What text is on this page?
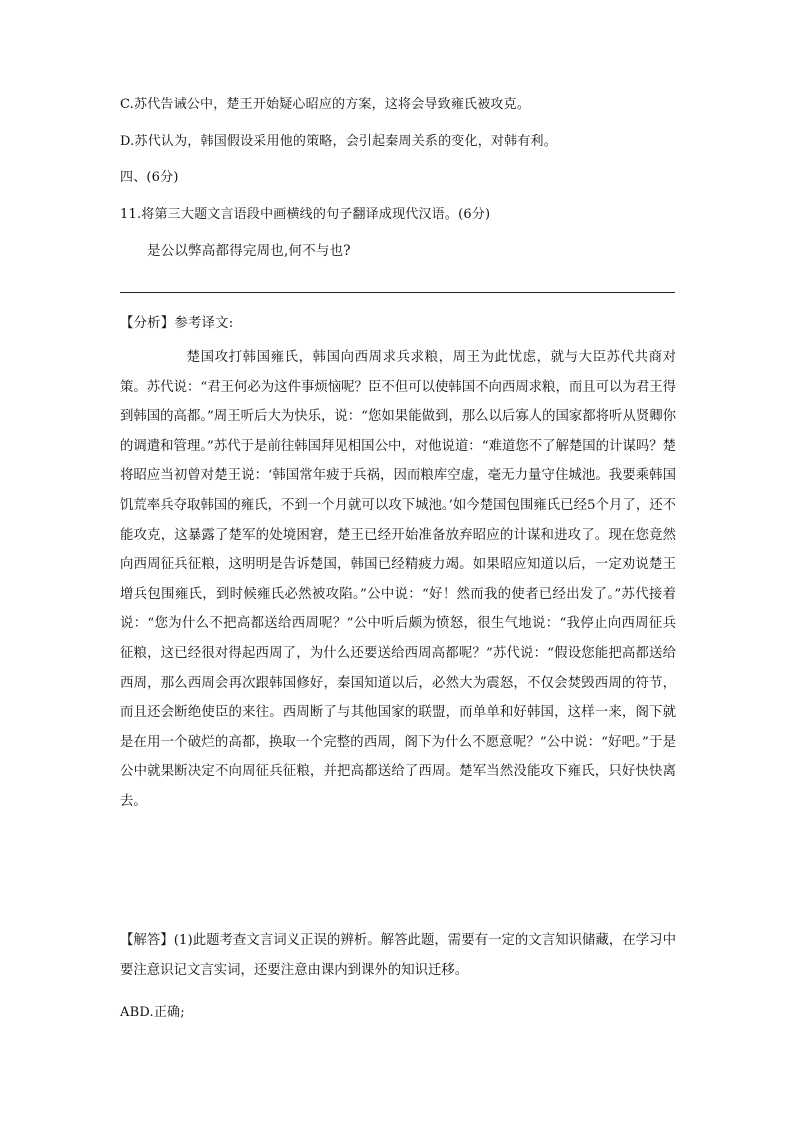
C.苏代告诫公中，楚王开始疑心昭应的方案，这将会导致雍氏被攻克。
D.苏代认为，韩国假设采用他的策略，会引起秦周关系的变化，对韩有利。
四、(6分)
11.将第三大题文言语段中画横线的句子翻译成现代汉语。(6分)
是公以弊高都得完周也,何不与也?
【分析】参考译文:
楚国攻打韩国雍氏，韩国向西周求兵求粮，周王为此忧虑，就与大臣苏代共商对策。苏代说：“君王何必为这件事烦恼呢？臣不但可以使韩国不向西周求粮，而且可以为君王得到韩国的高都。”周王听后大为快乐，说：“您如果能做到，那么以后寡人的国家都将听从贤卿你的调遣和管理。”苏代于是前往韩国拜见相国公中，对他说道：“难道您不了解楚国的计谋吗？楚将昭应当初曾对楚王说：‘韩国常年疲于兵祸，因而粮库空虚，毫无力量守住城池。我要乘韩国饥荒率兵夺取韩国的雍氏，不到一个月就可以攻下城池。’如今楚国包围雍氏已经5个月了，还不能攻克，这暴露了楚军的处境困窘，楚王已经开始准备放弃昭应的计谋和进攻了。现在您竟然向西周征兵征粮，这明明是告诉楚国，韩国已经精疲力竭。如果昭应知道以后，一定劝说楚王增兵包围雍氏，到时候雍氏必然被攻陷。”公中说：“好！然而我的使者已经出发了。”苏代接着说：“您为什么不把高都送给西周呢？”公中听后颇为愤怒，很生气地说：“我停止向西周征兵征粮，这已经很对得起西周了，为什么还要送给西周高都呢？”苏代说：“假设您能把高都送给西周，那么西周会再次跟韩国修好，秦国知道以后，必然大为震怒，不仅会焚毁西周的符节，而且还会断绝使臣的来往。西周断了与其他国家的联盟，而单单和好韩国，这样一来，阁下就是在用一个破烂的高都，换取一个完整的西周，阁下为什么不愿意呢？”公中说：“好吧。”于是公中就果断决定不向周征兵征粮，并把高都送给了西周。楚军当然没能攻下雍氏，只好快快离去。
【解答】(1)此题考查文言词义正误的辨析。解答此题，需要有一定的文言知识储藏，在学习中要注意识记文言实词，还要注意由课内到课外的知识迁移。
ABD.正确;
